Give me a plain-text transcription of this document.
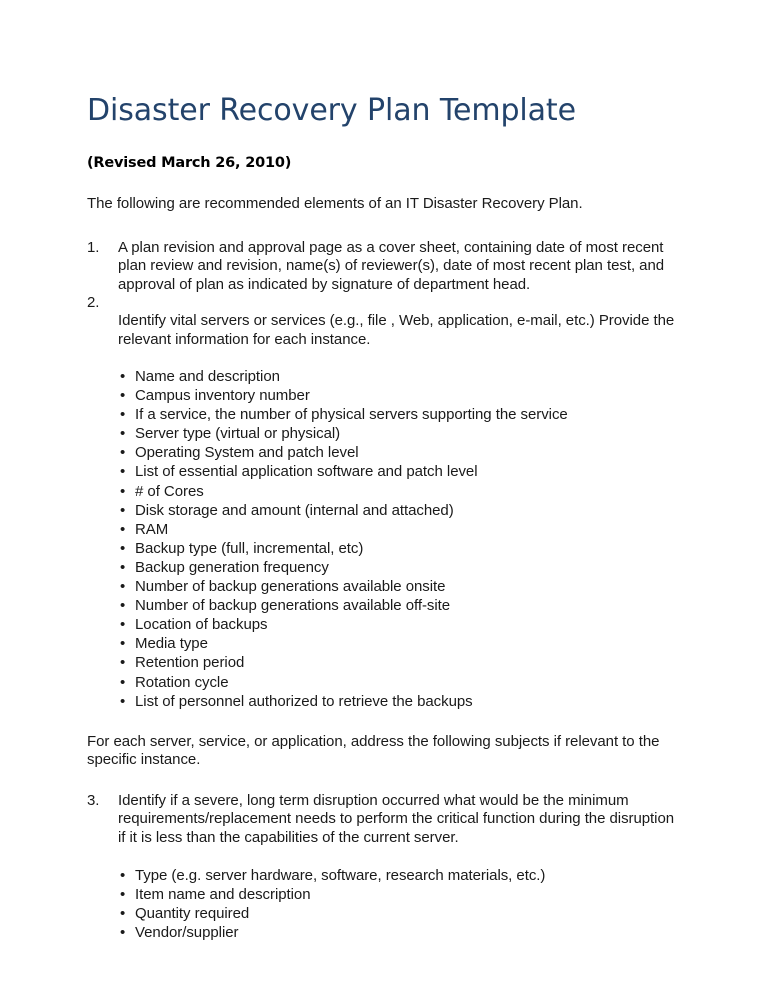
Disaster Recovery Plan Template

(Revised March 26, 2010)

The following are recommended elements of an IT Disaster Recovery Plan.

1.	A plan revision and approval page as a cover sheet, containing date of most recent plan review and revision, name(s) of reviewer(s), date of most recent plan test, and approval of plan as indicated by signature of department head.
2.
Identify vital servers or services (e.g., file , Web, application, e-mail, etc.) Provide the relevant information for each instance.
• Name and description
• Campus inventory number
• If a service, the number of physical servers supporting the service
• Server type (virtual or physical)
• Operating System and patch level
• List of essential application software and patch level
• # of Cores
• Disk storage and amount (internal and attached)
• RAM
• Backup type (full, incremental, etc)
• Backup generation frequency
• Number of backup generations available onsite
• Number of backup generations available off-site
• Location of backups
• Media type
• Retention period
• Rotation cycle
• List of personnel authorized to retrieve the backups

For each server, service, or application, address the following subjects if relevant to the specific instance.

3.	Identify if a severe, long term disruption occurred what would be the minimum requirements/replacement needs to perform the critical function during the disruption if it is less than the capabilities of the current server.
• Type (e.g. server hardware, software, research materials, etc.)
• Item name and description
• Quantity required
• Vendor/supplier
